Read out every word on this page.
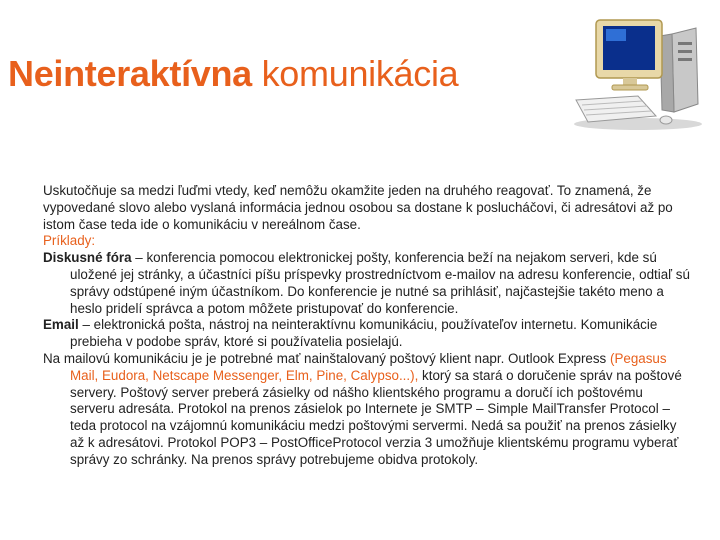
Neinteraktívna komunikácia

Uskutočňuje sa medzi ľuďmi vtedy, keď nemôžu okamžite jeden na druhého reagovať. To znamená, že vypovedané slovo alebo vyslaná informácia jednou osobou sa dostane k poslucháčovi, či adresátovi až po istom čase teda ide o komunikáciu v nereálnom čase.

Príklady:

Diskusné fóra – konferencia pomocou elektronickej pošty, konferencia beží na nejakom serveri, kde sú uložené jej stránky, a účastníci píšu príspevky prostredníctvom e-mailov na adresu konferencie, odtiaľ sú správy odstúpené iným účastníkom. Do konferencie je nutné sa prihlásiť, najčastejšie takéto meno a heslo pridelí správca a potom môžete pristupovať do konferencie.

Email – elektronická pošta, nástroj na neinteraktívnu komunikáciu, používateľov internetu. Komunikácie prebieha v podobe správ, ktoré si používatelia posielajú.

Na mailovú komunikáciu je je potrebné mať nainštalovaný poštový klient napr. Outlook Express (Pegasus Mail, Eudora, Netscape Messenger, Elm, Pine, Calypso...), ktorý sa stará o doručenie správ na poštové servery. Poštový server preberá zásielky od nášho klientského programu a doručí ich poštovému serveru adresáta. Protokol na prenos zásielok po Internete je SMTP – Simple MailTransfer Protocol – teda protocol na vzájomnú komunikáciu medzi poštovými servermi. Nedá sa použiť na prenos zásielky až k adresátovi. Protokol POP3 – PostOfficeProtocol verzia 3 umožňuje klientskému programu vyberať správy zo schránky. Na prenos správy potrebujeme obidva protokoly.
